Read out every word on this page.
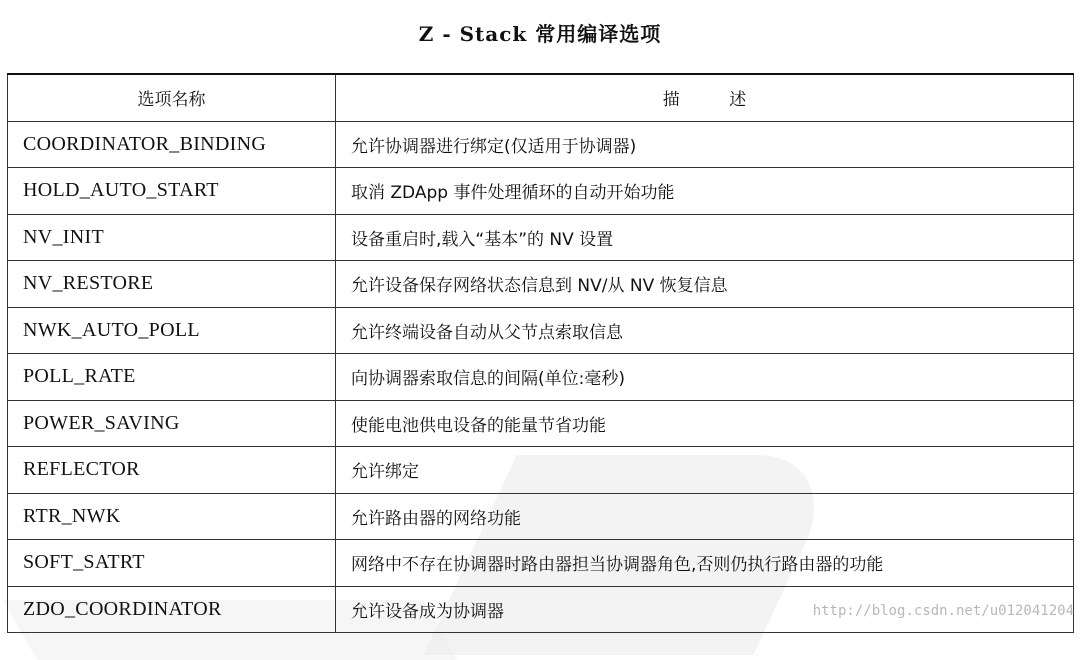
Z - Stack 常用编译选项
选项名称	描 述
COORDINATOR_BINDING	允许协调器进行绑定(仅适用于协调器)
HOLD_AUTO_START	取消 ZDApp 事件处理循环的自动开始功能
NV_INIT	设备重启时,载入“基本”的 NV 设置
NV_RESTORE	允许设备保存网络状态信息到 NV/从 NV 恢复信息
NWK_AUTO_POLL	允许终端设备自动从父节点索取信息
POLL_RATE	向协调器索取信息的间隔(单位:毫秒)
POWER_SAVING	使能电池供电设备的能量节省功能
REFLECTOR	允许绑定
RTR_NWK	允许路由器的网络功能
SOFT_SATRT	网络中不存在协调器时路由器担当协调器角色,否则仍执行路由器的功能
ZDO_COORDINATOR	允许设备成为协调器	http://blog.csdn.net/u012041204
